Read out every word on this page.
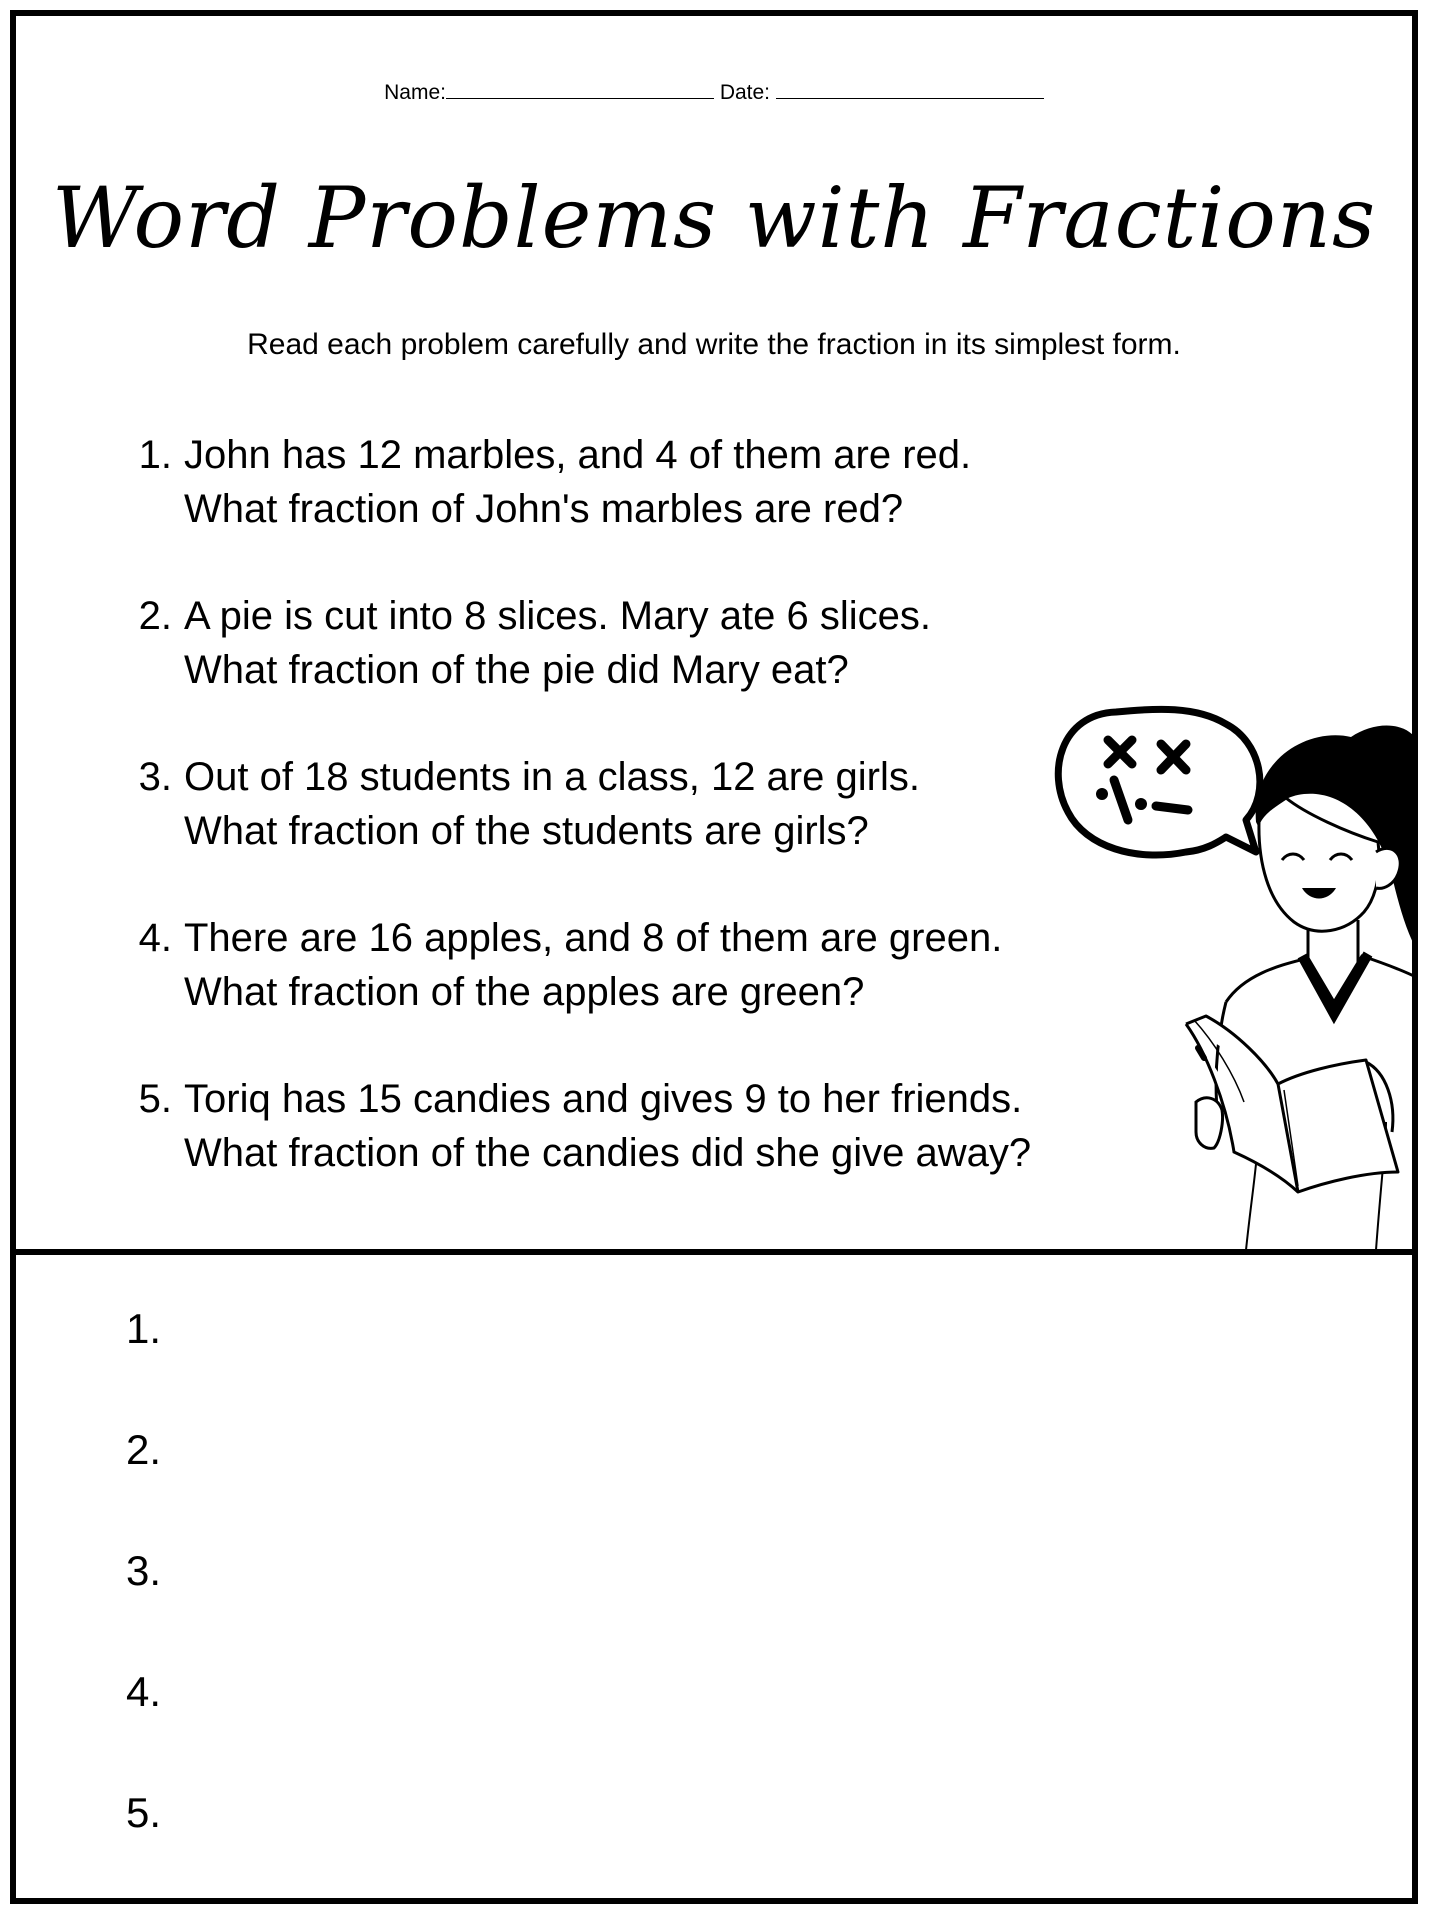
Name:	Date:
Word Problems with Fractions
Read each problem carefully and write the fraction in its simplest form.
1. John has 12 marbles, and 4 of them are red.
What fraction of John's marbles are red?
2. A pie is cut into 8 slices. Mary ate 6 slices.
What fraction of the pie did Mary eat?
3. Out of 18 students in a class, 12 are girls.
What fraction of the students are girls?
4. There are 16 apples, and 8 of them are green.
What fraction of the apples are green?
5. Toriq has 15 candies and gives 9 to her friends.
What fraction of the candies did she give away?
1.
2.
3.
4.
5.
